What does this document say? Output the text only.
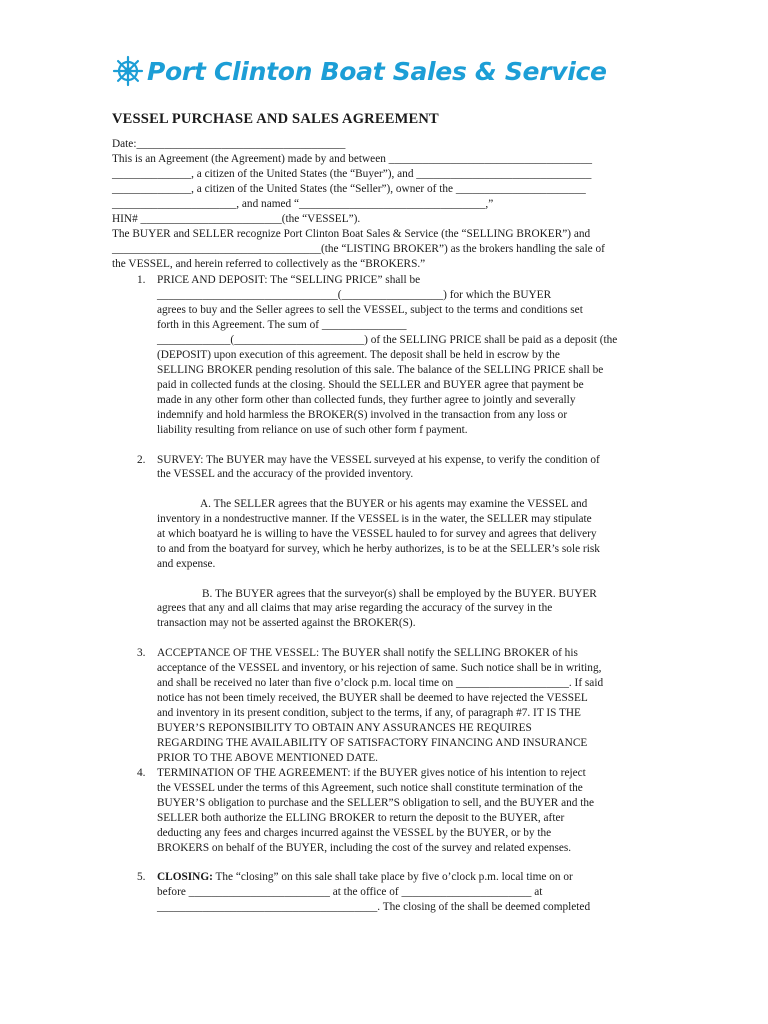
Port Clinton Boat Sales & Service
VESSEL PURCHASE AND SALES AGREEMENT
Date:_____________________________________
This is an Agreement (the Agreement) made by and between ____________________________________
______________, a citizen of the United States (the “Buyer”), and _______________________________
______________, a citizen of the United States (the “Seller”), owner of the _______________________
______________________, and named “_________________________________,”
HIN# _________________________(the “VESSEL”).
The BUYER and SELLER recognize Port Clinton Boat Sales & Service (the “SELLING BROKER”) and
_____________________________________(the “LISTING BROKER”) as the brokers handling the sale of
the VESSEL, and herein referred to collectively as the “BROKERS.”
1. PRICE AND DEPOSIT: The “SELLING PRICE” shall be
________________________________(__________________) for which the BUYER
agrees to buy and the Seller agrees to sell the VESSEL, subject to the terms and conditions set
forth in this Agreement. The sum of _______________
_____________(_______________________) of the SELLING PRICE shall be paid as a deposit (the
(DEPOSIT) upon execution of this agreement. The deposit shall be held in escrow by the
SELLING BROKER pending resolution of this sale. The balance of the SELLING PRICE shall be
paid in collected funds at the closing. Should the SELLER and BUYER agree that payment be
made in any other form other than collected funds, they further agree to jointly and severally
indemnify and hold harmless the BROKER(S) involved in the transaction from any loss or
liability resulting from reliance on use of such other form f payment.
2. SURVEY: The BUYER may have the VESSEL surveyed at his expense, to verify the condition of
the VESSEL and the accuracy of the provided inventory.
A. The SELLER agrees that the BUYER or his agents may examine the VESSEL and
inventory in a nondestructive manner. If the VESSEL is in the water, the SELLER may stipulate
at which boatyard he is willing to have the VESSEL hauled to for survey and agrees that delivery
to and from the boatyard for survey, which he herby authorizes, is to be at the SELLER’s sole risk
and expense.
B. The BUYER agrees that the surveyor(s) shall be employed by the BUYER. BUYER
agrees that any and all claims that may arise regarding the accuracy of the survey in the
transaction may not be asserted against the BROKER(S).
3. ACCEPTANCE OF THE VESSEL: The BUYER shall notify the SELLING BROKER of his
acceptance of the VESSEL and inventory, or his rejection of same. Such notice shall be in writing,
and shall be received no later than five o’clock p.m. local time on ____________________. If said
notice has not been timely received, the BUYER shall be deemed to have rejected the VESSEL
and inventory in its present condition, subject to the terms, if any, of paragraph #7. IT IS THE
BUYER’S REPONSIBILITY TO OBTAIN ANY ASSURANCES HE REQUIRES
REGARDING THE AVAILABILITY OF SATISFACTORY FINANCING AND INSURANCE
PRIOR TO THE ABOVE MENTIONED DATE.
4. TERMINATION OF THE AGREEMENT: if the BUYER gives notice of his intention to reject
the VESSEL under the terms of this Agreement, such notice shall constitute termination of the
BUYER’S obligation to purchase and the SELLER”S obligation to sell, and the BUYER and the
SELLER both authorize the ELLING BROKER to return the deposit to the BUYER, after
deducting any fees and charges incurred against the VESSEL by the BUYER, or by the
BROKERS on behalf of the BUYER, including the cost of the survey and related expenses.
5. CLOSING: The “closing” on this sale shall take place by five o’clock p.m. local time on or
before _________________________ at the office of _______________________ at
_______________________________________. The closing of the shall be deemed completed
